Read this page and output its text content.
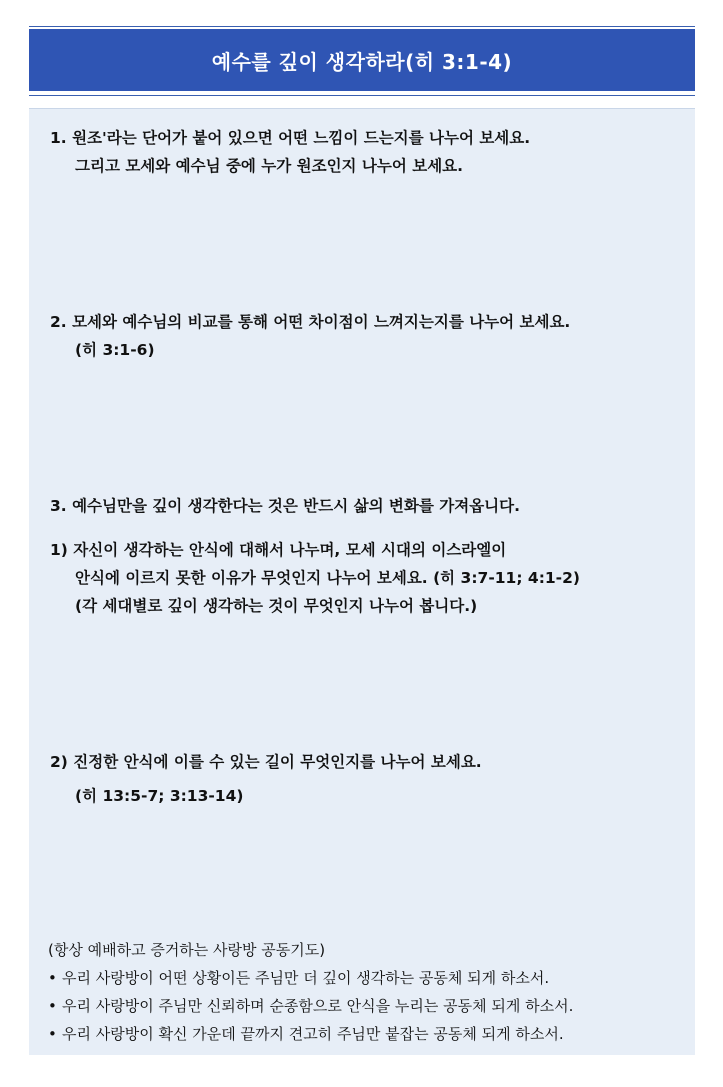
예수를 깊이 생각하라(히 3:1-4)
1. 원조'라는 단어가 붙어 있으면 어떤 느낌이 드는지를 나누어 보세요.
그리고 모세와 예수님 중에 누가 원조인지 나누어 보세요.
2. 모세와 예수님의 비교를 통해 어떤 차이점이 느껴지는지를 나누어 보세요.
(히 3:1-6)
3. 예수님만을 깊이 생각한다는 것은 반드시 삶의 변화를 가져옵니다.
1) 자신이 생각하는 안식에 대해서 나누며, 모세 시대의 이스라엘이
안식에 이르지 못한 이유가 무엇인지 나누어 보세요. (히 3:7-11; 4:1-2)
(각 세대별로 깊이 생각하는 것이 무엇인지 나누어 봅니다.)
2) 진정한 안식에 이를 수 있는 길이 무엇인지를 나누어 보세요.
(히 13:5-7; 3:13-14)
(항상 예배하고 증거하는 사랑방 공동기도)
• 우리 사랑방이 어떤 상황이든 주님만 더 깊이 생각하는 공동체 되게 하소서.
• 우리 사랑방이 주님만 신뢰하며 순종함으로 안식을 누리는 공동체 되게 하소서.
• 우리 사랑방이 확신 가운데 끝까지 견고히 주님만 붙잡는 공동체 되게 하소서.
